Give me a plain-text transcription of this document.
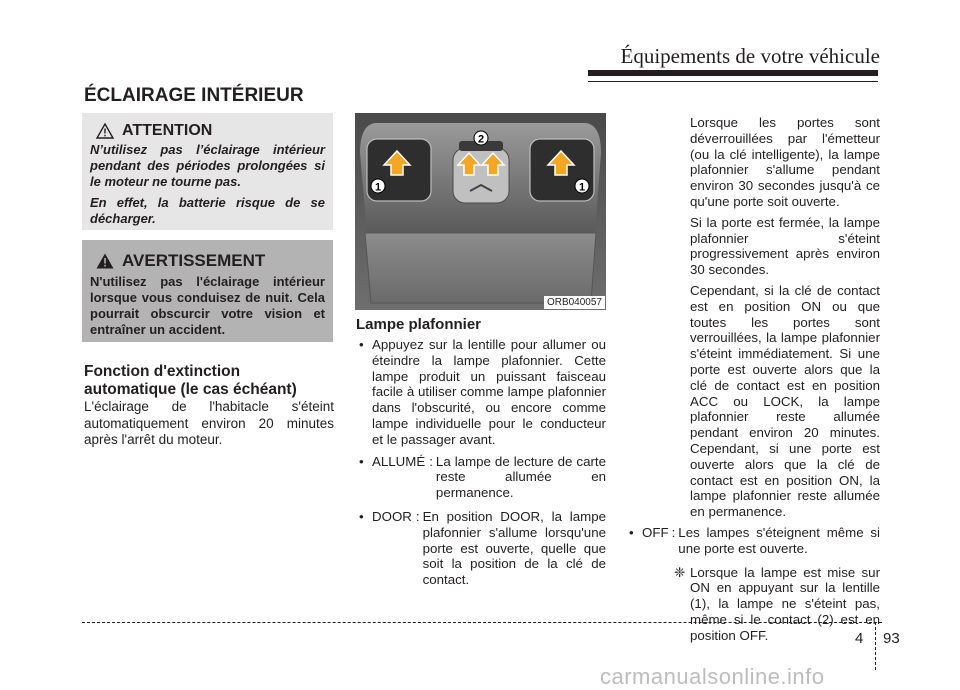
Équipements de votre véhicule
ÉCLAIRAGE INTÉRIEUR
ATTENTION

N’utilisez pas l’éclairage intérieur pendant des périodes prolongées si le moteur ne tourne pas.

En effet, la batterie risque de se décharger.

AVERTISSEMENT

N'utilisez pas l'éclairage intérieur lorsque vous conduisez de nuit. Cela pourrait obscurcir votre vision et entraîner un accident.

Fonction d'extinction automatique (le cas échéant)
L'éclairage de l'habitacle s'éteint automatiquement environ 20 minutes après l'arrêt du moteur.
1
2
1
ORB040057
Lampe plafonnier
• Appuyez sur la lentille pour allumer ou éteindre la lampe plafonnier. Cette lampe produit un puissant faisceau facile à utiliser comme lampe plafonnier dans l'obscurité, ou encore comme lampe individuelle pour le conducteur et le passager avant.
• ALLUMÉ : La lampe de lecture de carte reste allumée en permanence.
• DOOR : En position DOOR, la lampe plafonnier s'allume lorsqu'une porte est ouverte, quelle que soit la position de la clé de contact.

Lorsque les portes sont déverrouillées par l'émetteur (ou la clé intelligente), la lampe plafonnier s'allume pendant environ 30 secondes jusqu'à ce qu'une porte soit ouverte.

Si la porte est fermée, la lampe plafonnier s'éteint progressivement après environ 30 secondes.

Cependant, si la clé de contact est en position ON ou que toutes les portes sont verrouillées, la lampe plafonnier s'éteint immédiatement. Si une porte est ouverte alors que la clé de contact est en position ACC ou LOCK, la lampe plafonnier reste allumée pendant environ 20 minutes. Cependant, si une porte est ouverte alors que la clé de contact est en position ON, la lampe plafonnier reste allumée en permanence.

• OFF : Les lampes s'éteignent même si une porte est ouverte.
❈ Lorsque la lampe est mise sur ON en appuyant sur la lentille (1), la lampe ne s'éteint pas, même si le contact (2) est en position OFF.	4 93
carmanualsonline.info
